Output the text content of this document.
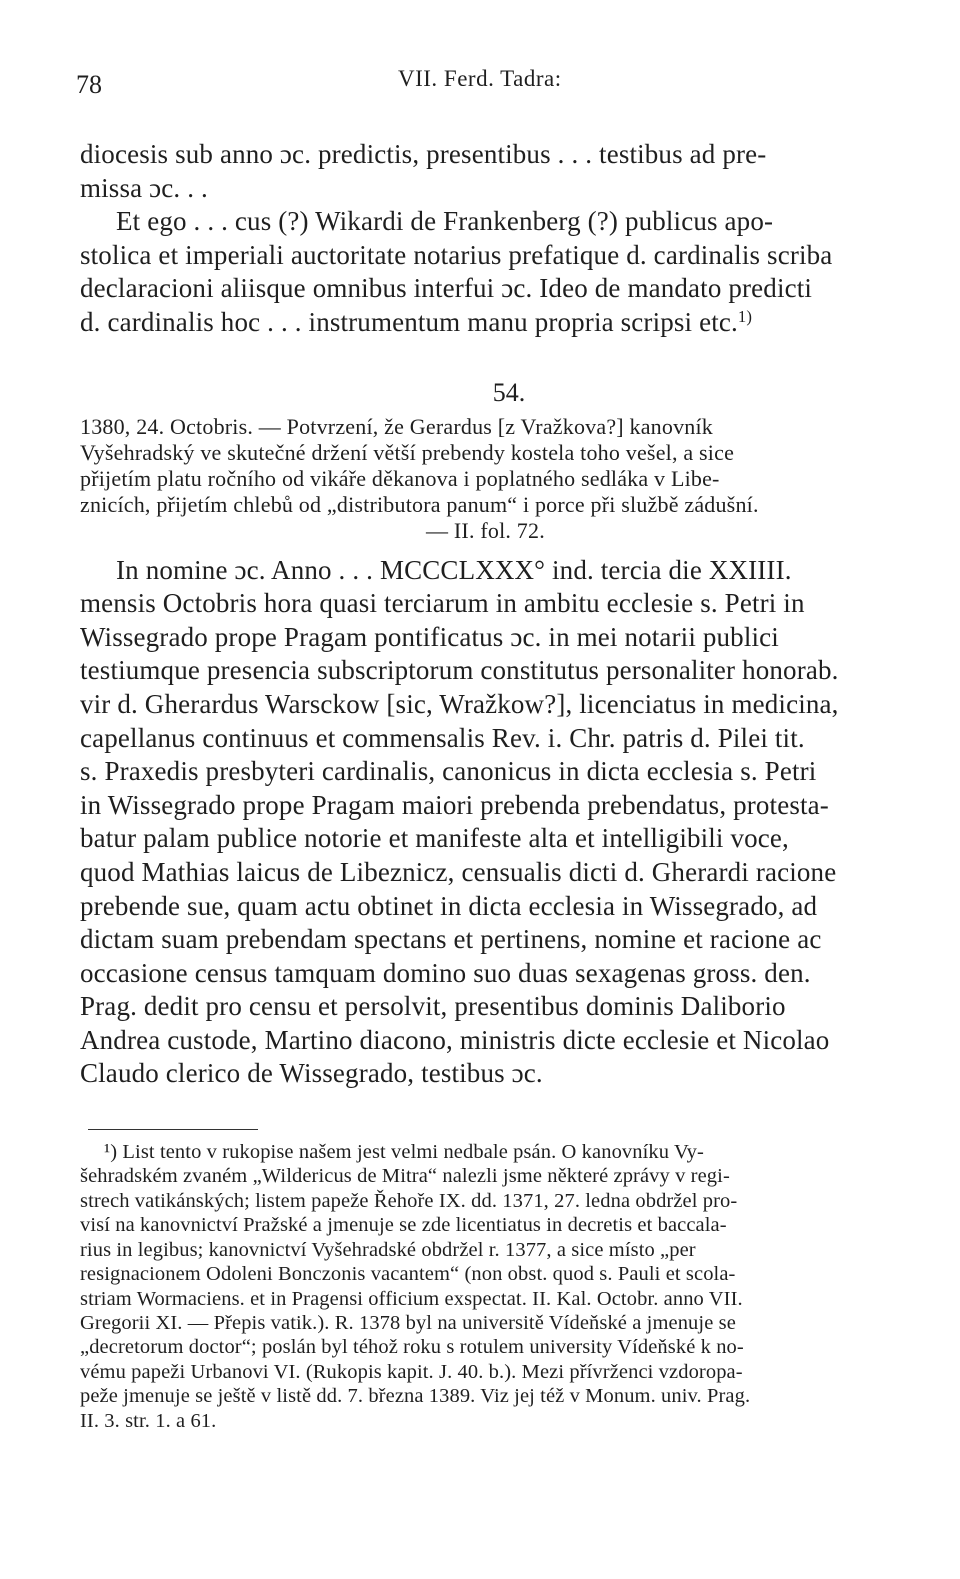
78	VII. Ferd. Tadra:
diocesis sub anno ɔc. predictis, presentibus . . . testibus ad pre-
missa ɔc. . .
Et ego . . . cus (?) Wikardi de Frankenberg (?) publicus apo-
stolica et imperiali auctoritate notarius prefatique d. cardinalis scriba
declaracioni aliisque omnibus interfui ɔc. Ideo de mandato predicti
d. cardinalis hoc . . . instrumentum manu propria scripsi etc.$^{1)}$
54.
1380, 24. Octobris. — Potvrzení, že Gerardus [z Vražkova?] kanovník
Vyšehradský ve skutečné držení větší prebendy kostela toho vešel, a sice
přijetím platu ročního od vikáře děkanova i poplatného sedláka v Libe-
znicích, přijetím chlebů od „distributora panum“ i porce při službě zádušní.
— II. fol. 72.
In nomine ɔc. Anno . . . MCCCLXXX° ind. tercia die XXIIII.
mensis Octobris hora quasi terciarum in ambitu ecclesie s. Petri in
Wissegrado prope Pragam pontificatus ɔc. in mei notarii publici
testiumque presencia subscriptorum constitutus personaliter honorab.
vir d. Gherardus Warsckow [sic, Wražkow?], licenciatus in medicina,
capellanus continuus et commensalis Rev. i. Chr. patris d. Pilei tit.
s. Praxedis presbyteri cardinalis, canonicus in dicta ecclesia s. Petri
in Wissegrado prope Pragam maiori prebenda prebendatus, protesta-
batur palam publice notorie et manifeste alta et intelligibili voce,
quod Mathias laicus de Libeznicz, censualis dicti d. Gherardi racione
prebende sue, quam actu obtinet in dicta ecclesia in Wissegrado, ad
dictam suam prebendam spectans et pertinens, nomine et racione ac
occasione census tamquam domino suo duas sexagenas gross. den.
Prag. dedit pro censu et persolvit, presentibus dominis Daliborio
Andrea custode, Martino diacono, ministris dicte ecclesie et Nicolao
Claudo clerico de Wissegrado, testibus ɔc.
¹) List tento v rukopise našem jest velmi nedbale psán. O kanovníku Vy-
šehradském zvaném „Wildericus de Mitra“ nalezli jsme některé zprávy v regi-
strech vatikánských; listem papeže Řehoře IX. dd. 1371, 27. ledna obdržel pro-
visí na kanovnictví Pražské a jmenuje se zde licentiatus in decretis et baccala-
rius in legibus; kanovnictví Vyšehradské obdržel r. 1377, a sice místo „per
resignacionem Odoleni Bonczonis vacantem“ (non obst. quod s. Pauli et scola-
striam Wormaciens. et in Pragensi officium exspectat. II. Kal. Octobr. anno VII.
Gregorii XI. — Přepis vatik.). R. 1378 byl na universitě Vídeňské a jmenuje se
„decretorum doctor“; poslán byl téhož roku s rotulem university Vídeňské k no-
vému papeži Urbanovi VI. (Rukopis kapit. J. 40. b.). Mezi přívrženci vzdoropa-
peže jmenuje se ještě v listě dd. 7. března 1389. Viz jej též v Monum. univ. Prag.
II. 3. str. 1. a 61.
